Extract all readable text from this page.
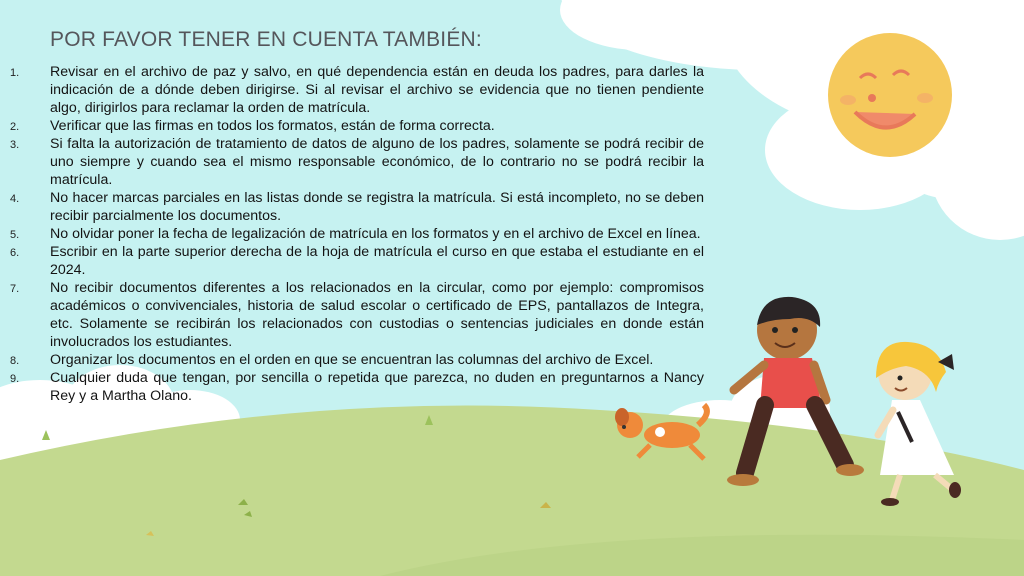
POR FAVOR TENER EN CUENTA TAMBIÉN:
1. Revisar en el archivo de paz y salvo, en qué dependencia están en deuda los padres, para darles la indicación de a dónde deben dirigirse. Si al revisar el archivo se evidencia que no tienen pendiente algo, dirigirlos para reclamar la orden de matrícula.
2. Verificar que las firmas en todos los formatos, están de forma correcta.
3. Si falta la autorización de tratamiento de datos de alguno de los padres, solamente se podrá recibir de uno siempre y cuando sea el mismo responsable económico, de lo contrario no se podrá recibir la matrícula.
4. No hacer marcas parciales en las listas donde se registra la matrícula. Si está incompleto, no se deben recibir parcialmente los documentos.
5. No olvidar poner la fecha de legalización de matrícula en los formatos y en el archivo de Excel en línea.
6. Escribir en la parte superior derecha de la hoja de matrícula el curso en que estaba el estudiante en el 2024.
7. No recibir documentos diferentes a los relacionados en la circular, como por ejemplo: compromisos académicos o convivenciales, historia de salud escolar o certificado de EPS, pantallazos de Integra, etc. Solamente se recibirán los relacionados con custodias o sentencias judiciales en donde están involucrados los estudiantes.
8. Organizar los documentos en el orden en que se encuentran las columnas del archivo de Excel.
9. Cualquier duda que tengan, por sencilla o repetida que parezca, no duden en preguntarnos a Nancy Rey y a Martha Olano.
